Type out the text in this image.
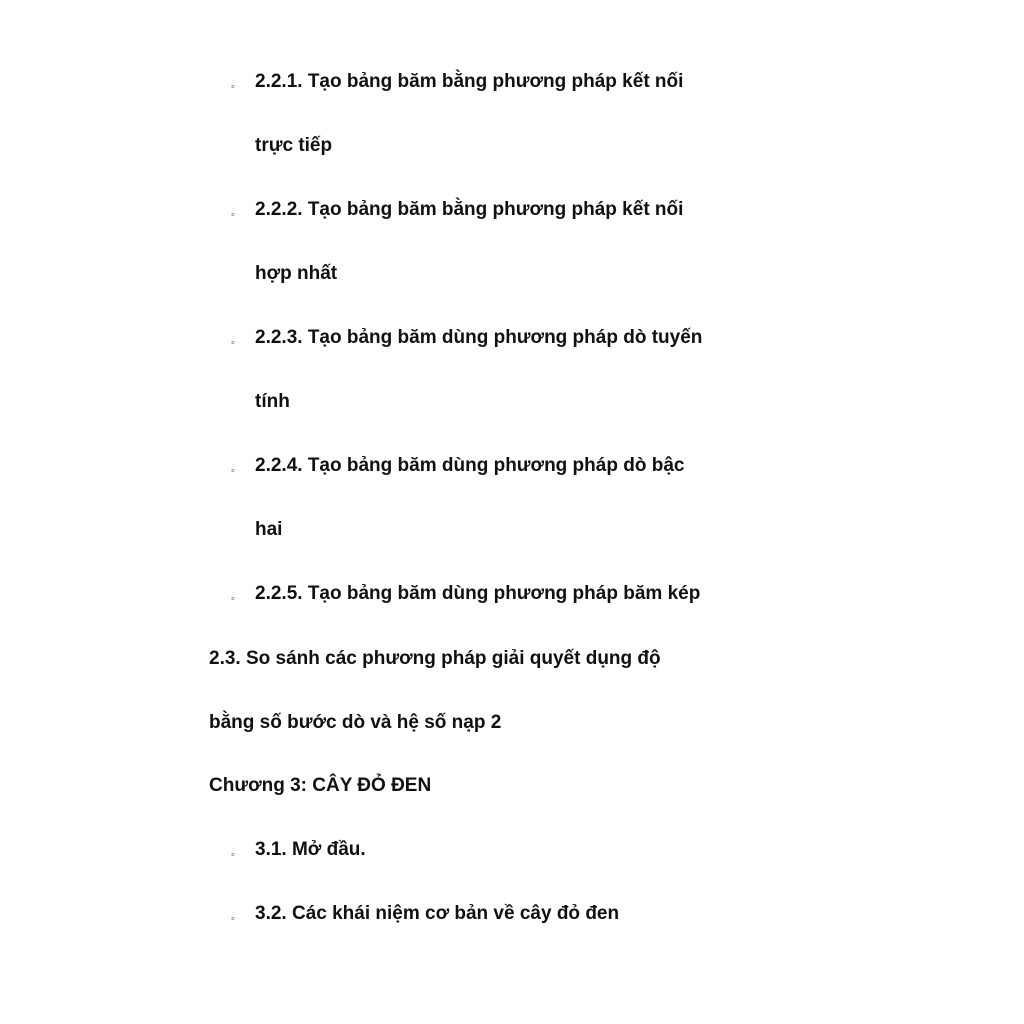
◦ 2.2.1. Tạo bảng băm bằng phương pháp kết nối
trực tiếp
◦ 2.2.2. Tạo bảng băm bằng phương pháp kết nối
hợp nhất
◦ 2.2.3. Tạo bảng băm dùng phương pháp dò tuyến
tính
◦ 2.2.4. Tạo bảng băm dùng phương pháp dò bậc
hai
◦ 2.2.5. Tạo bảng băm dùng phương pháp băm kép
2.3. So sánh các phương pháp giải quyết dụng độ
bằng số bước dò và hệ số nạp 2
Chương 3: CÂY ĐỎ ĐEN
◦ 3.1. Mở đầu.
◦ 3.2. Các khái niệm cơ bản về cây đỏ đen
